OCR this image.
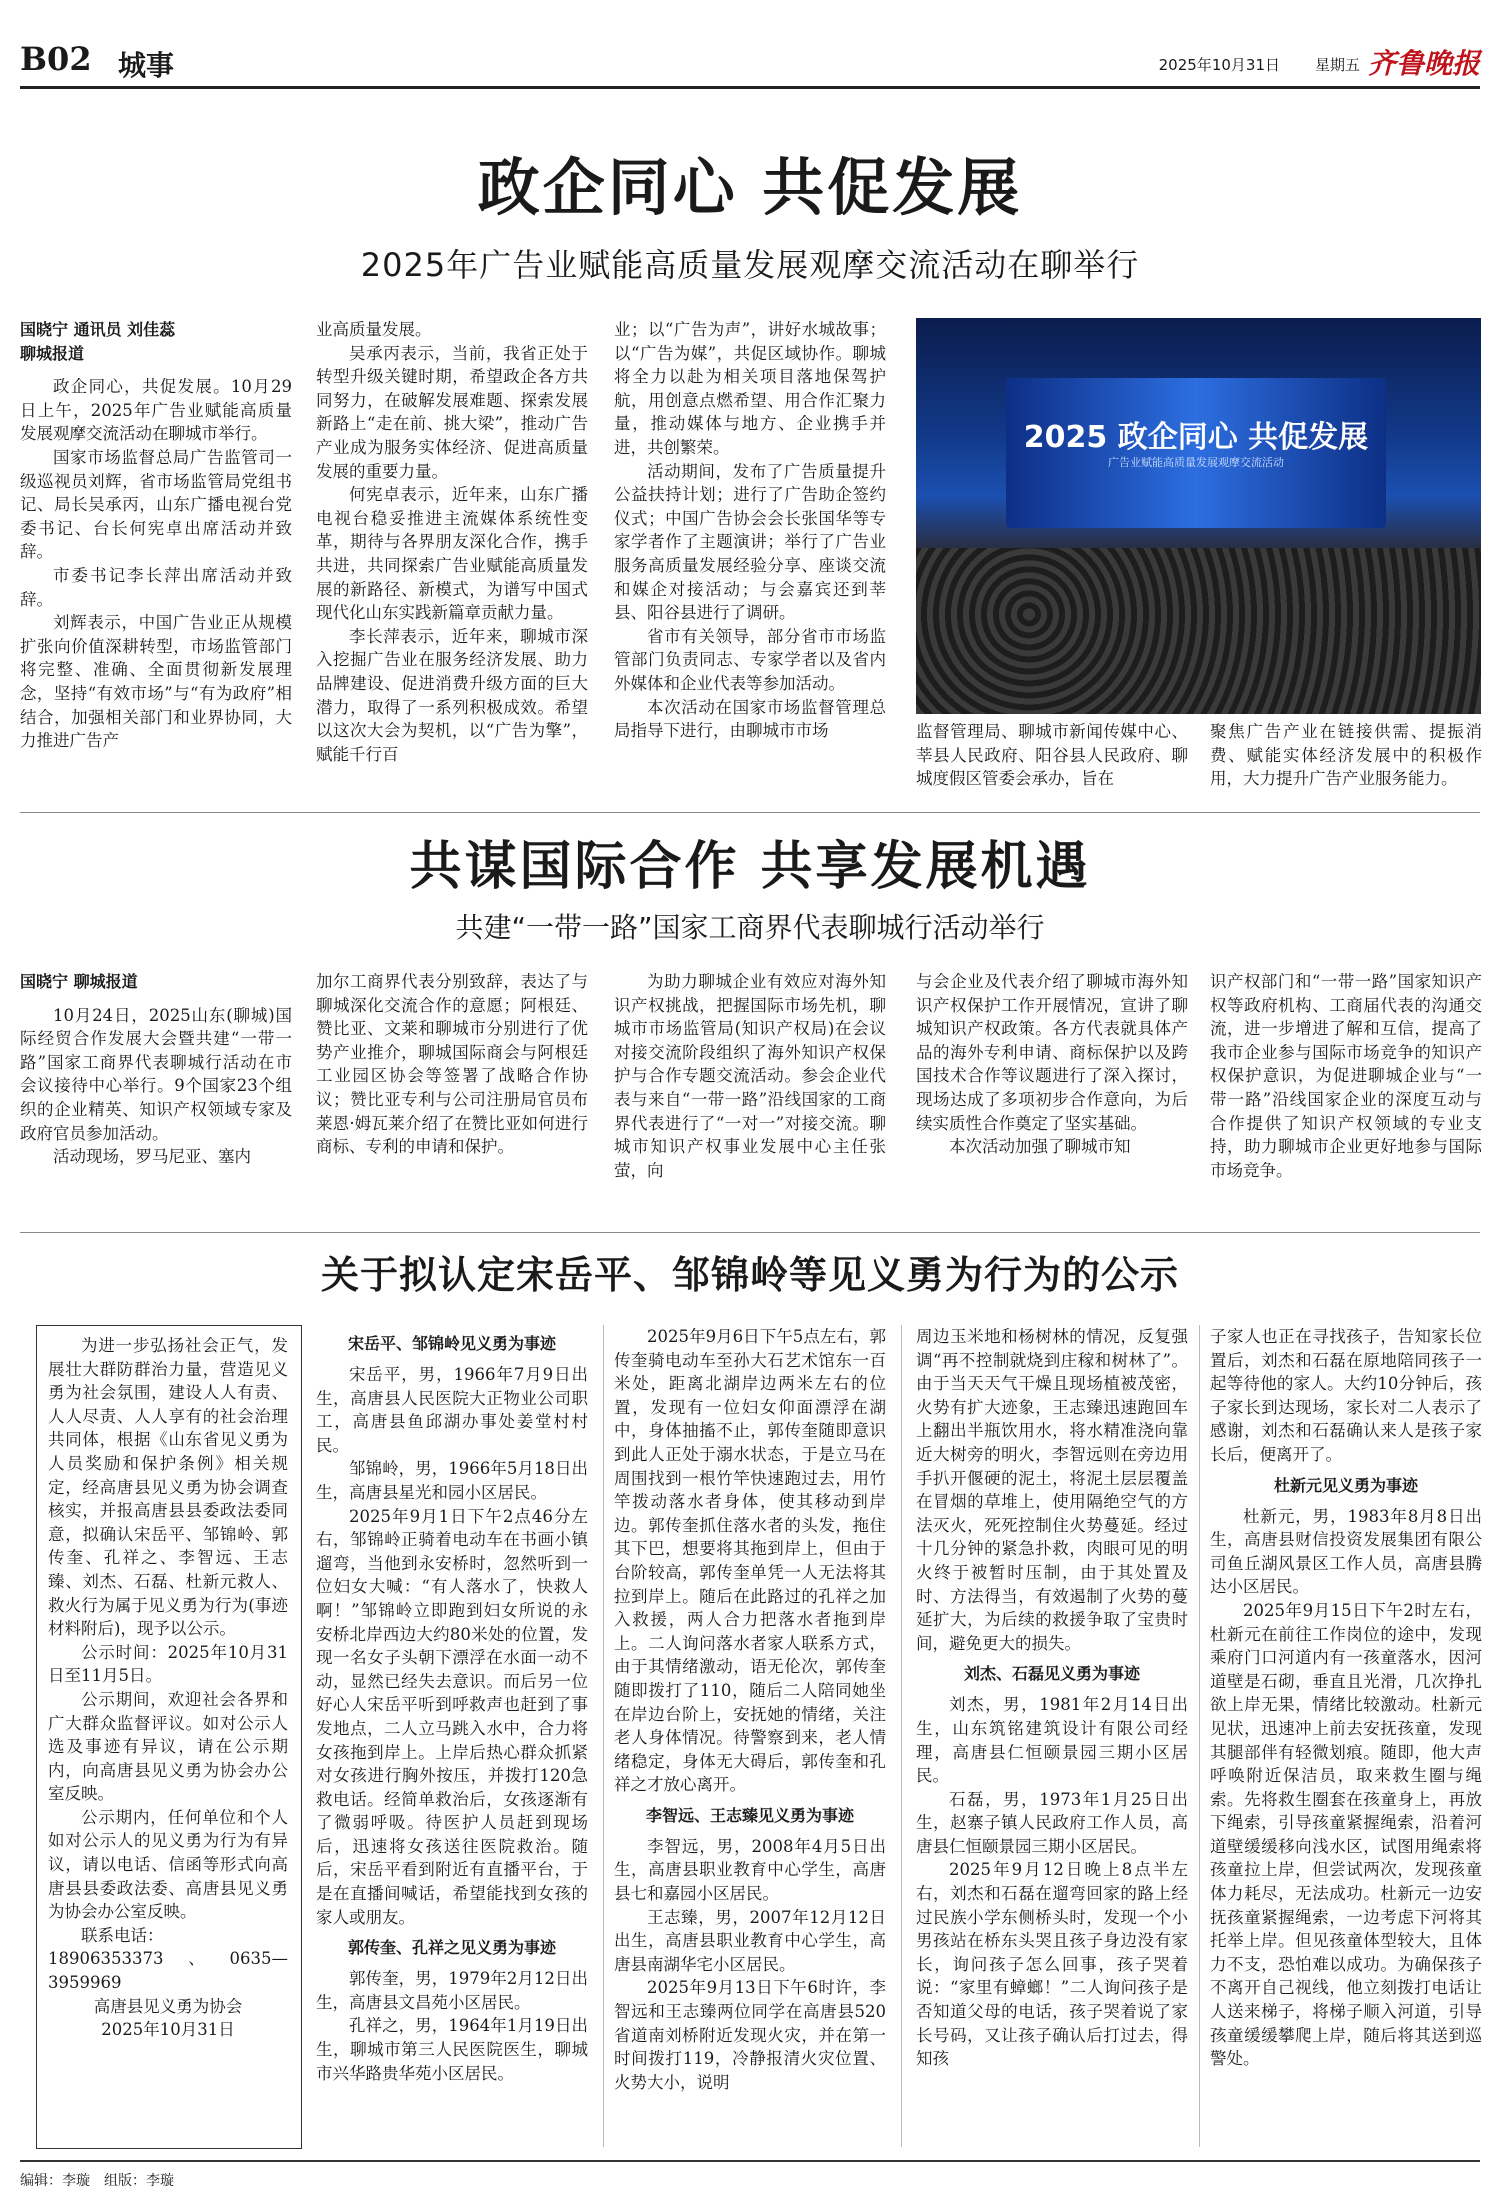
B02 城事	2025年10月31日 星期五 齐鲁晚报
政企同心 共促发展
2025年广告业赋能高质量发展观摩交流活动在聊举行
国晓宁 通讯员 刘佳蕊
聊城报道

政企同心，共促发展。10月29日上午，2025年广告业赋能高质量发展观摩交流活动在聊城市举行。

国家市场监督总局广告监管司一级巡视员刘辉，省市场监管局党组书记、局长吴承丙，山东广播电视台党委书记、台长何宪卓出席活动并致辞。

市委书记李长萍出席活动并致辞。

刘辉表示，中国广告业正从规模扩张向价值深耕转型，市场监管部门将完整、准确、全面贯彻新发展理念，坚持“有效市场”与“有为政府”相结合，加强相关部门和业界协同，大力推进广告产

业高质量发展。

吴承丙表示，当前，我省正处于转型升级关键时期，希望政企各方共同努力，在破解发展难题、探索发展新路上“走在前、挑大梁”，推动广告产业成为服务实体经济、促进高质量发展的重要力量。

何宪卓表示，近年来，山东广播电视台稳妥推进主流媒体系统性变革，期待与各界朋友深化合作，携手共进，共同探索广告业赋能高质量发展的新路径、新模式，为谱写中国式现代化山东实践新篇章贡献力量。

李长萍表示，近年来，聊城市深入挖掘广告业在服务经济发展、助力品牌建设、促进消费升级方面的巨大潜力，取得了一系列积极成效。希望以这次大会为契机，以“广告为擎”，赋能千行百

业；以“广告为声”，讲好水城故事；以“广告为媒”，共促区域协作。聊城将全力以赴为相关项目落地保驾护航，用创意点燃希望、用合作汇聚力量，推动媒体与地方、企业携手并进，共创繁荣。

活动期间，发布了广告质量提升公益扶持计划；进行了广告助企签约仪式；中国广告协会会长张国华等专家学者作了主题演讲；举行了广告业服务高质量发展经验分享、座谈交流和媒企对接活动；与会嘉宾还到莘县、阳谷县进行了调研。

省市有关领导，部分省市市场监管部门负责同志、专家学者以及省内外媒体和企业代表等参加活动。

本次活动在国家市场监督管理总局指导下进行，由聊城市市场

2025 政企同心 共促发展
广告业赋能高质量发展观摩交流活动

监督管理局、聊城市新闻传媒中心、莘县人民政府、阳谷县人民政府、聊城度假区管委会承办，旨在

聚焦广告产业在链接供需、提振消费、赋能实体经济发展中的积极作用，大力提升广告产业服务能力。

共谋国际合作 共享发展机遇
共建“一带一路”国家工商界代表聊城行活动举行
国晓宁 聊城报道

10月24日，2025山东(聊城)国际经贸合作发展大会暨共建“一带一路”国家工商界代表聊城行活动在市会议接待中心举行。9个国家23个组织的企业精英、知识产权领域专家及政府官员参加活动。

活动现场，罗马尼亚、塞内

加尔工商界代表分别致辞，表达了与聊城深化交流合作的意愿；阿根廷、赞比亚、文莱和聊城市分别进行了优势产业推介，聊城国际商会与阿根廷工业园区协会等签署了战略合作协议；赞比亚专利与公司注册局官员布莱恩·姆瓦莱介绍了在赞比亚如何进行商标、专利的申请和保护。

为助力聊城企业有效应对海外知识产权挑战，把握国际市场先机，聊城市市场监管局(知识产权局)在会议对接交流阶段组织了海外知识产权保护与合作专题交流活动。参会企业代表与来自“一带一路”沿线国家的工商界代表进行了“一对一”对接交流。聊城市知识产权事业发展中心主任张萤，向

与会企业及代表介绍了聊城市海外知识产权保护工作开展情况，宣讲了聊城知识产权政策。各方代表就具体产品的海外专利申请、商标保护以及跨国技术合作等议题进行了深入探讨，现场达成了多项初步合作意向，为后续实质性合作奠定了坚实基础。

本次活动加强了聊城市知

识产权部门和“一带一路”国家知识产权等政府机构、工商届代表的沟通交流，进一步增进了解和互信，提高了我市企业参与国际市场竞争的知识产权保护意识，为促进聊城企业与“一带一路”沿线国家企业的深度互动与合作提供了知识产权领域的专业支持，助力聊城市企业更好地参与国际市场竞争。

关于拟认定宋岳平、邹锦岭等见义勇为行为的公示

为进一步弘扬社会正气，发展壮大群防群治力量，营造见义勇为社会氛围，建设人人有责、人人尽责、人人享有的社会治理共同体，根据《山东省见义勇为人员奖励和保护条例》相关规定，经高唐县见义勇为协会调查核实，并报高唐县县委政法委同意，拟确认宋岳平、邹锦岭、郭传奎、孔祥之、李智远、王志臻、刘杰、石磊、杜新元救人、救火行为属于见义勇为行为(事迹材料附后)，现予以公示。

公示时间：2025年10月31日至11月5日。

公示期间，欢迎社会各界和广大群众监督评议。如对公示人选及事迹有异议，请在公示期内，向高唐县见义勇为协会办公室反映。

公示期内，任何单位和个人如对公示人的见义勇为行为有异议，请以电话、信函等形式向高唐县县委政法委、高唐县见义勇为协会办公室反映。

联系电话：

18906353373、0635—3959969

高唐县见义勇为协会

2025年10月31日

宋岳平、邹锦岭见义勇为事迹

宋岳平，男，1966年7月9日出生，高唐县人民医院大正物业公司职工，高唐县鱼邱湖办事处姜堂村村民。

邹锦岭，男，1966年5月18日出生，高唐县星光和园小区居民。

2025年9月1日下午2点46分左右，邹锦岭正骑着电动车在书画小镇遛弯，当他到永安桥时，忽然听到一位妇女大喊：“有人落水了，快救人啊！”邹锦岭立即跑到妇女所说的永安桥北岸西边大约80米处的位置，发现一名女子头朝下漂浮在水面一动不动，显然已经失去意识。而后另一位好心人宋岳平听到呼救声也赶到了事发地点，二人立马跳入水中，合力将女孩拖到岸上。上岸后热心群众抓紧对女孩进行胸外按压，并拨打120急救电话。经简单救治后，女孩逐渐有了微弱呼吸。待医护人员赶到现场后，迅速将女孩送往医院救治。随后，宋岳平看到附近有直播平台，于是在直播间喊话，希望能找到女孩的家人或朋友。

郭传奎、孔祥之见义勇为事迹

郭传奎，男，1979年2月12日出生，高唐县文昌苑小区居民。

孔祥之，男，1964年1月19日出生，聊城市第三人民医院医生，聊城市兴华路贵华苑小区居民。

2025年9月6日下午5点左右，郭传奎骑电动车至孙大石艺术馆东一百米处，距离北湖岸边两米左右的位置，发现有一位妇女仰面漂浮在湖中，身体抽搐不止，郭传奎随即意识到此人正处于溺水状态，于是立马在周围找到一根竹竿快速跑过去，用竹竿拨动落水者身体，使其移动到岸边。郭传奎抓住落水者的头发，拖住其下巴，想要将其拖到岸上，但由于台阶较高，郭传奎单凭一人无法将其拉到岸上。随后在此路过的孔祥之加入救援，两人合力把落水者拖到岸上。二人询问落水者家人联系方式，由于其情绪激动，语无伦次，郭传奎随即拨打了110，随后二人陪同她坐在岸边台阶上，安抚她的情绪，关注老人身体情况。待警察到来，老人情绪稳定，身体无大碍后，郭传奎和孔祥之才放心离开。

李智远、王志臻见义勇为事迹

李智远，男，2008年4月5日出生，高唐县职业教育中心学生，高唐县七和嘉园小区居民。

王志臻，男，2007年12月12日出生，高唐县职业教育中心学生，高唐县南湖华宅小区居民。

2025年9月13日下午6时许，李智远和王志臻两位同学在高唐县520省道南刘桥附近发现火灾，并在第一时间拨打119，冷静报清火灾位置、火势大小，说明

周边玉米地和杨树林的情况，反复强调“再不控制就烧到庄稼和树林了”。由于当天天气干燥且现场植被茂密，火势有扩大迹象，王志臻迅速跑回车上翻出半瓶饮用水，将水精准浇向靠近大树旁的明火，李智远则在旁边用手扒开偃硬的泥土，将泥土层层覆盖在冒烟的草堆上，使用隔绝空气的方法灭火，死死控制住火势蔓延。经过十几分钟的紧急扑救，肉眼可见的明火终于被暂时压制，由于其处置及时、方法得当，有效遏制了火势的蔓延扩大，为后续的救援争取了宝贵时间，避免更大的损失。

刘杰、石磊见义勇为事迹

刘杰，男，1981年2月14日出生，山东筑铭建筑设计有限公司经理，高唐县仁恒颐景园三期小区居民。

石磊，男，1973年1月25日出生，赵寨子镇人民政府工作人员，高唐县仁恒颐景园三期小区居民。

2025年9月12日晚上8点半左右，刘杰和石磊在遛弯回家的路上经过民族小学东侧桥头时，发现一个小男孩站在桥东头哭且孩子身边没有家长，询问孩子怎么回事，孩子哭着说：“家里有蟑螂！”二人询问孩子是否知道父母的电话，孩子哭着说了家长号码，又让孩子确认后打过去，得知孩

子家人也正在寻找孩子，告知家长位置后，刘杰和石磊在原地陪同孩子一起等待他的家人。大约10分钟后，孩子家长到达现场，家长对二人表示了感谢，刘杰和石磊确认来人是孩子家长后，便离开了。

杜新元见义勇为事迹

杜新元，男，1983年8月8日出生，高唐县财信投资发展集团有限公司鱼丘湖风景区工作人员，高唐县腾达小区居民。

2025年9月15日下午2时左右，杜新元在前往工作岗位的途中，发现乘府门口河道内有一孩童落水，因河道壁是石砌，垂直且光滑，几次挣扎欲上岸无果，情绪比较激动。杜新元见状，迅速冲上前去安抚孩童，发现其腿部伴有轻微划痕。随即，他大声呼唤附近保洁员，取来救生圈与绳索。先将救生圈套在孩童身上，再放下绳索，引导孩童紧握绳索，沿着河道壁缓缓移向浅水区，试图用绳索将孩童拉上岸，但尝试两次，发现孩童体力耗尽，无法成功。杜新元一边安抚孩童紧握绳索，一边考虑下河将其托举上岸。但见孩童体型较大，且体力不支，恐怕难以成功。为确保孩子不离开自己视线，他立刻拨打电话让人送来梯子，将梯子顺入河道，引导孩童缓缓攀爬上岸，随后将其送到巡警处。

编辑：李璇　组版：李璇
